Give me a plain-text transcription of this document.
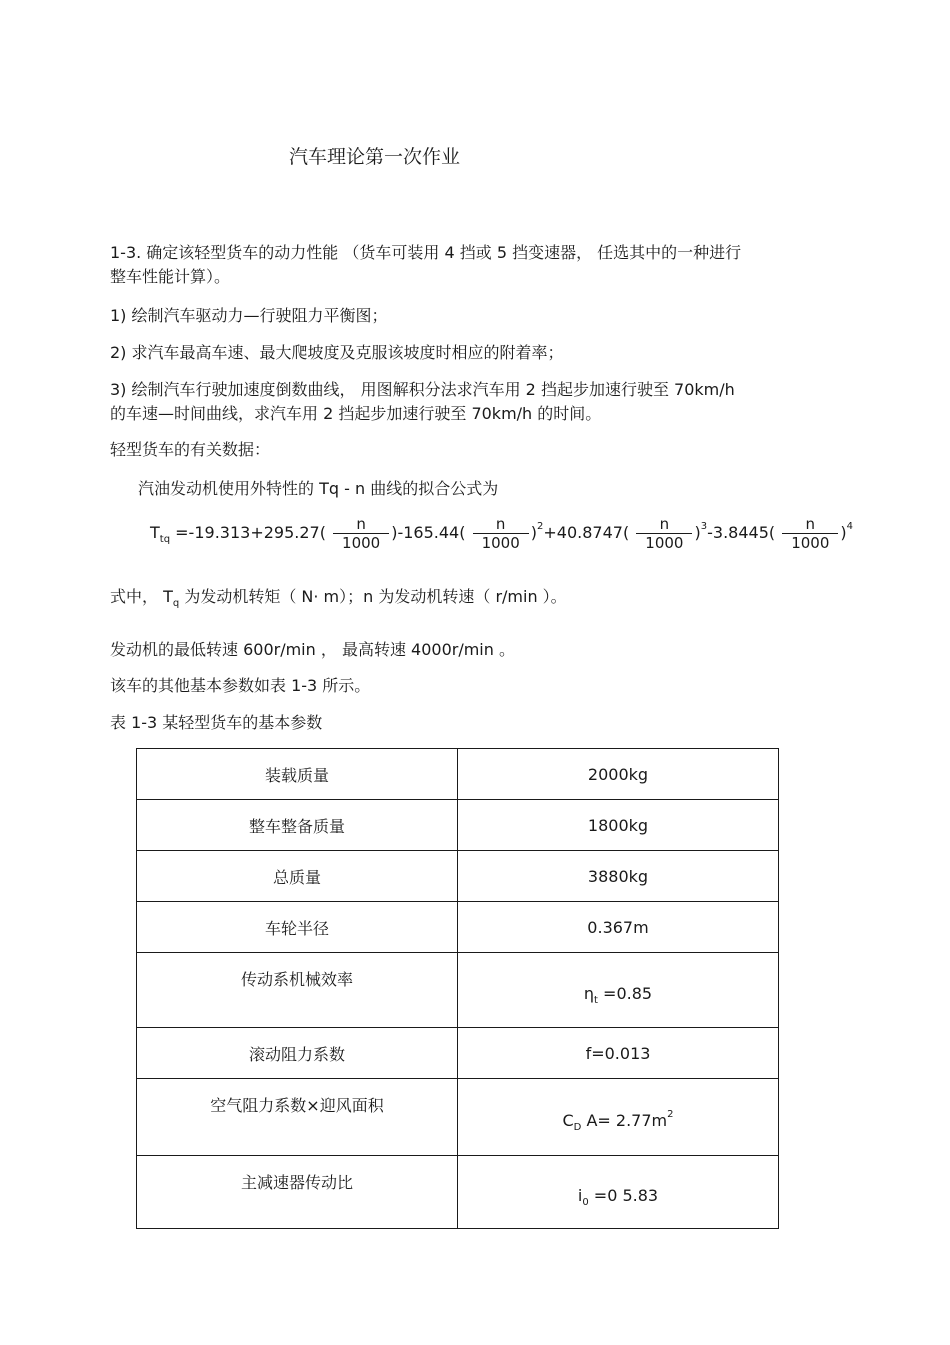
汽车理论第一次作业
1-3. 确定该轻型货车的动力性能 （货车可装用 4 挡或 5 挡变速器， 任选其中的一种进行
整车性能计算）。
1) 绘制汽车驱动力—行驶阻力平衡图；
2) 求汽车最高车速、最大爬坡度及克服该坡度时相应的附着率；
3) 绘制汽车行驶加速度倒数曲线， 用图解积分法求汽车用 2 挡起步加速行驶至 70km/h
的车速—时间曲线，求汽车用 2 挡起步加速行驶至 70km/h 的时间。
轻型货车的有关数据：
汽油发动机使用外特性的 Tq - n 曲线的拟合公式为
$T_{tq} =-19.313+295.27( \frac{n}{1000} )-165.44( \frac{n}{1000} )^2+40.8747( \frac{n}{1000} )^3-3.8445( \frac{n}{1000} )^4$
式中， $T_q$ 为发动机转矩（ N· m）；n 为发动机转速（ r/min ）。
发动机的最低转速 600r/min ， 最高转速 4000r/min 。
该车的其他基本参数如表 1-3 所示。
表 1-3 某轻型货车的基本参数
装载质量	2000kg
整车整备质量	1800kg
总质量	3880kg
车轮半径	0.367m
传动系机械效率	$\eta_t =0.85$
滚动阻力系数	f=0.013
空气阻力系数×迎风面积	$C_D$ $A= 2.77m^2$
主减速器传动比	$i_0 =0$ 5.83
